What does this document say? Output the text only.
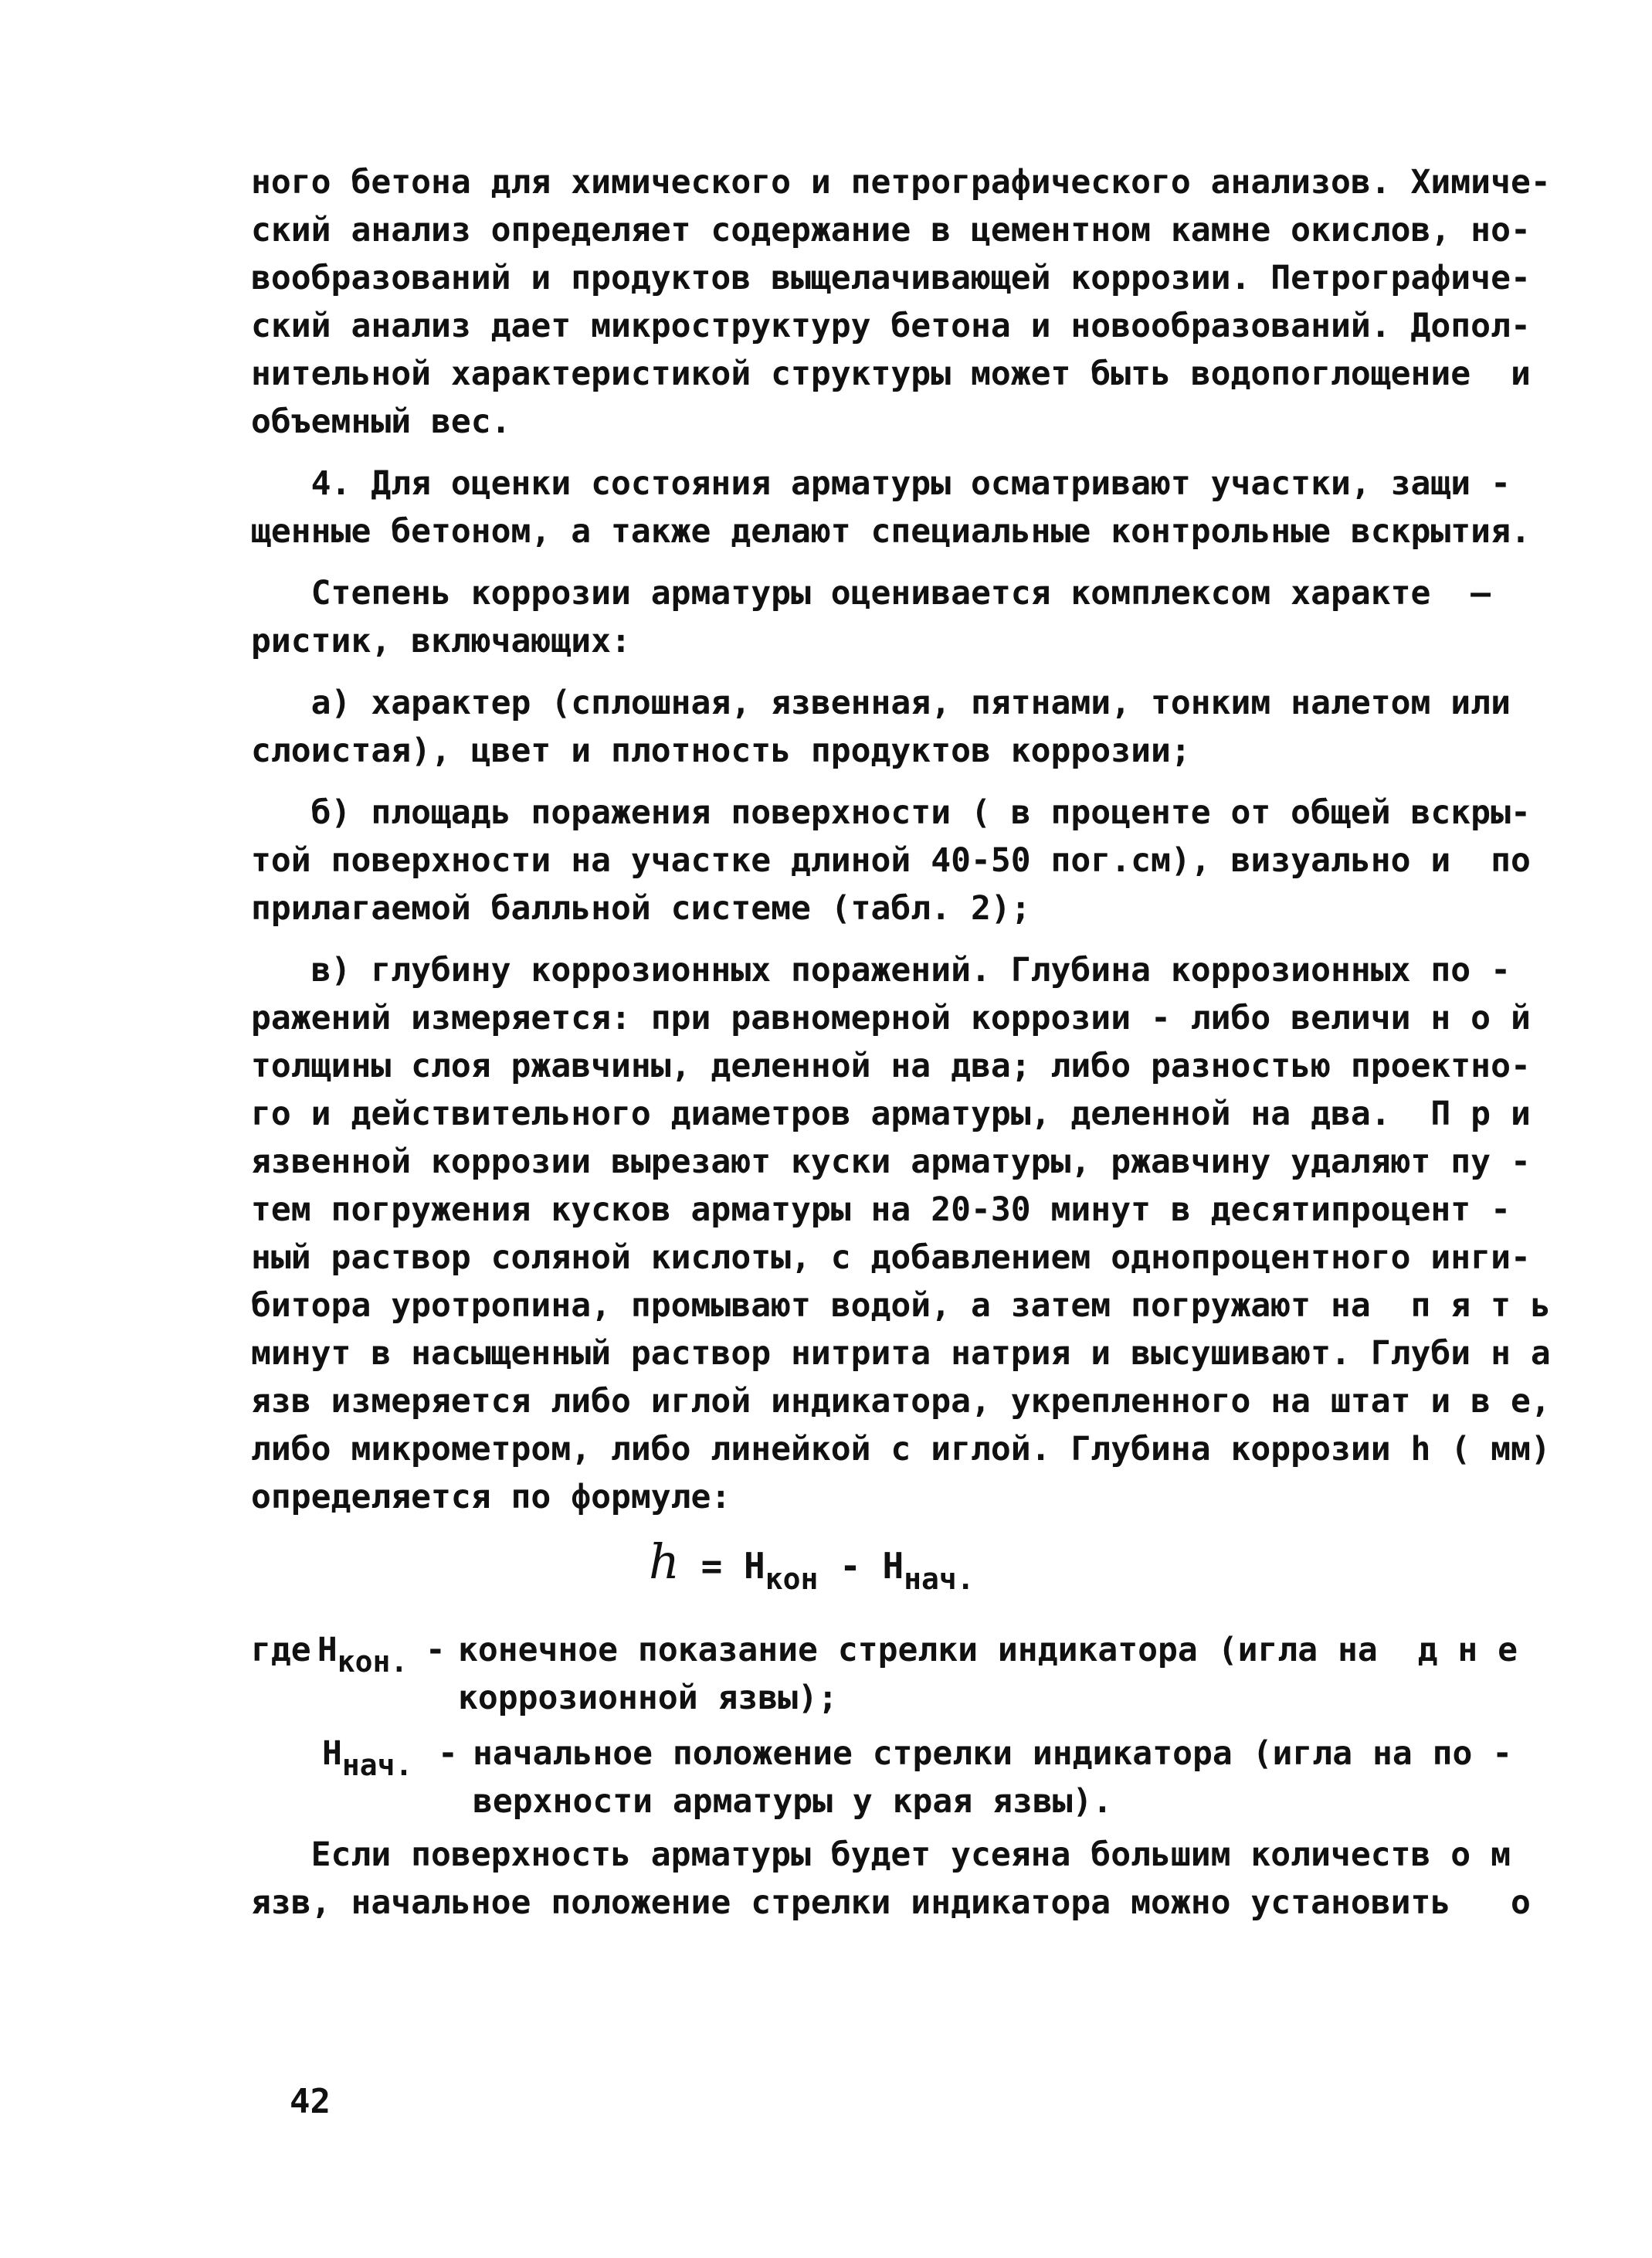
ного бетона для химического и петрографического анализов. Химиче-
ский анализ определяет содержание в цементном камне окислов, но-
вообразований и продуктов выщелачивающей коррозии. Петрографиче-
ский анализ дает микроструктуру бетона и новообразований. Допол-
нительной характеристикой структуры может быть водопоглощение  и
объемный вес.
4. Для оценки состояния арматуры осматривают участки, защи -
щенные бетоном, а также делают специальные контрольные вскрытия.
Степень коррозии арматуры оценивается комплексом характе  —
ристик, включающих:
а) характер (сплошная, язвенная, пятнами, тонким налетом или
слоистая), цвет и плотность продуктов коррозии;
б) площадь поражения поверхности ( в проценте от общей вскры-
той поверхности на участке длиной 40-50 пог.см), визуально и  по
прилагаемой балльной системе (табл. 2);
в) глубину коррозионных поражений. Глубина коррозионных по -
ражений измеряется: при равномерной коррозии - либо величи н о й
толщины слоя ржавчины, деленной на два; либо разностью проектно-
го и действительного диаметров арматуры, деленной на два.  П р и
язвенной коррозии вырезают куски арматуры, ржавчину удаляют пу -
тем погружения кусков арматуры на 20-30 минут в десятипроцент -
ный раствор соляной кислоты, с добавлением однопроцентного инги-
битора уротропина, промывают водой, а затем погружают на  п я т ь
минут в насыщенный раствор нитрита натрия и высушивают. Глуби н а
язв измеряется либо иглой индикатора, укрепленного на штат и в е,
либо микрометром, либо линейкой с иглой. Глубина коррозии h ( мм)
определяется по формуле:
$h = H_{кон} - H_{нач.}$
где Hкон. - конечное показание стрелки индикатора (игла на  д н е
коррозионной язвы);
Hнач. - начальное положение стрелки индикатора (игла на по -
верхности арматуры у края язвы).
Если поверхность арматуры будет усеяна большим количеств о м
язв, начальное положение стрелки индикатора можно установить   о
42
